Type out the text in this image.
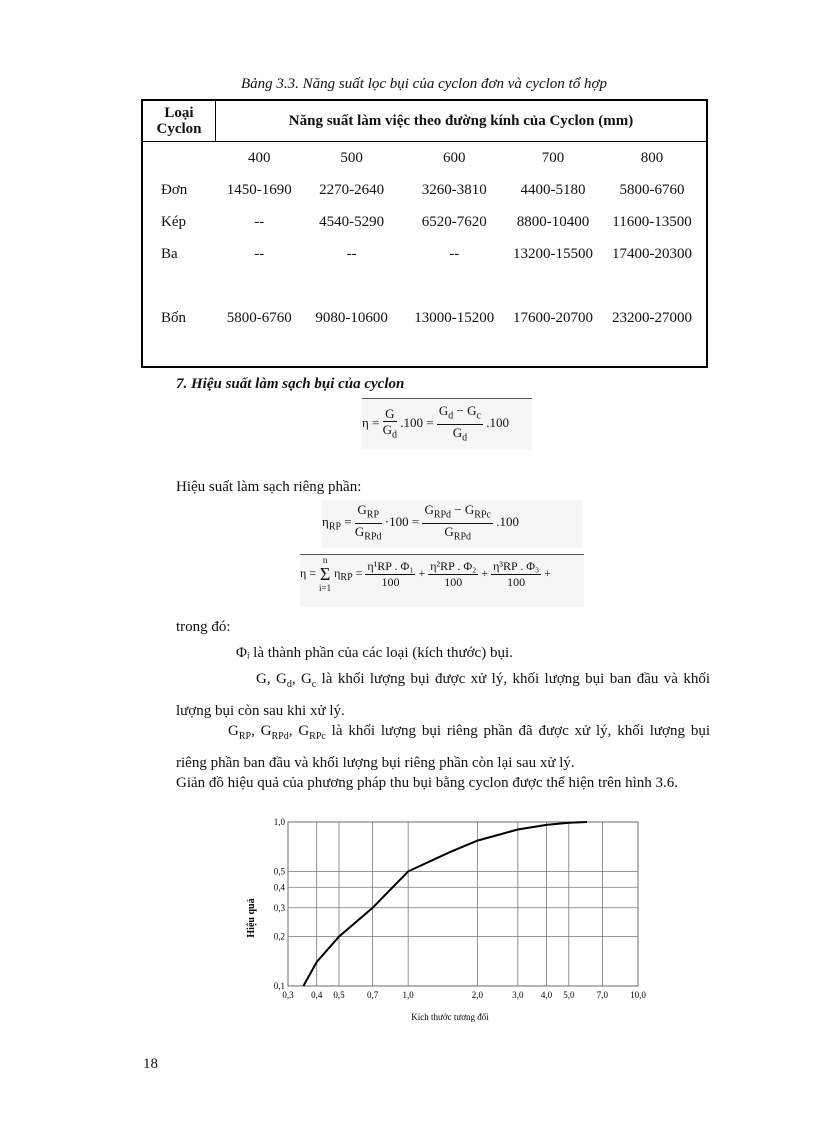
Bảng 3.3. Năng suất lọc bụi của cyclon đơn và cyclon tổ hợp
Loại Cyclon	Năng suất làm việc theo đường kính của Cyclon (mm)				
	400	500	600	700	800
Đơn	1450-1690	2270-2640	3260-3810	4400-5180	5800-6760
Kép	--	4540-5290	6520-7620	8800-10400	11600-13500
Ba	--	--	--	13200-15500	17400-20300
Bốn	5800-6760	9080-10600	13000-15200	17600-20700	23200-27000
7. Hiệu suất làm sạch bụi của cyclon
$\eta = \frac{G}{G_d} .100 = \frac{G_d - G_c}{G_d} .100$
Hiệu suất làm sạch riêng phần:
$\eta_{RP} = \frac{G_{RP}}{G_{RPd}} \cdot 100 = \frac{G_{RPd} - G_{RPc}}{G_{RPd}} .100$
η =
n
Σ
i=1
$\eta_{RP} = \frac{\text{η¹RP . Φ₁}}{100} + \frac{\text{η²RP . Φ₂}}{100} + \frac{\text{η³RP . Φ₃}}{100}$ +
trong đó:
Φᵢ là thành phần của các loại (kích thước) bụi.
G, $G_d$, $G_c$ là khối lượng bụi được xử lý, khối lượng bụi ban đầu và khối lượng bụi còn sau khi xử lý.
$G_{RP}$, $G_{RPd}$, $G_{RPc}$ là khối lượng bụi riêng phần đã được xử lý, khối lượng bụi riêng phần ban đầu và khối lượng bụi riêng phần còn lại sau xử lý.
Giản đồ hiệu quả của phương pháp thu bụi bằng cyclon được thể hiện trên hình 3.6.
0,3 0,4 0,5 0,7	1,0	2,0	3,0 4,0 5,0 7,0 10,0
0,1
0,2
0,3
0,4
0,5
1,0
Kích thước tương đối
Hiệu quả
18
